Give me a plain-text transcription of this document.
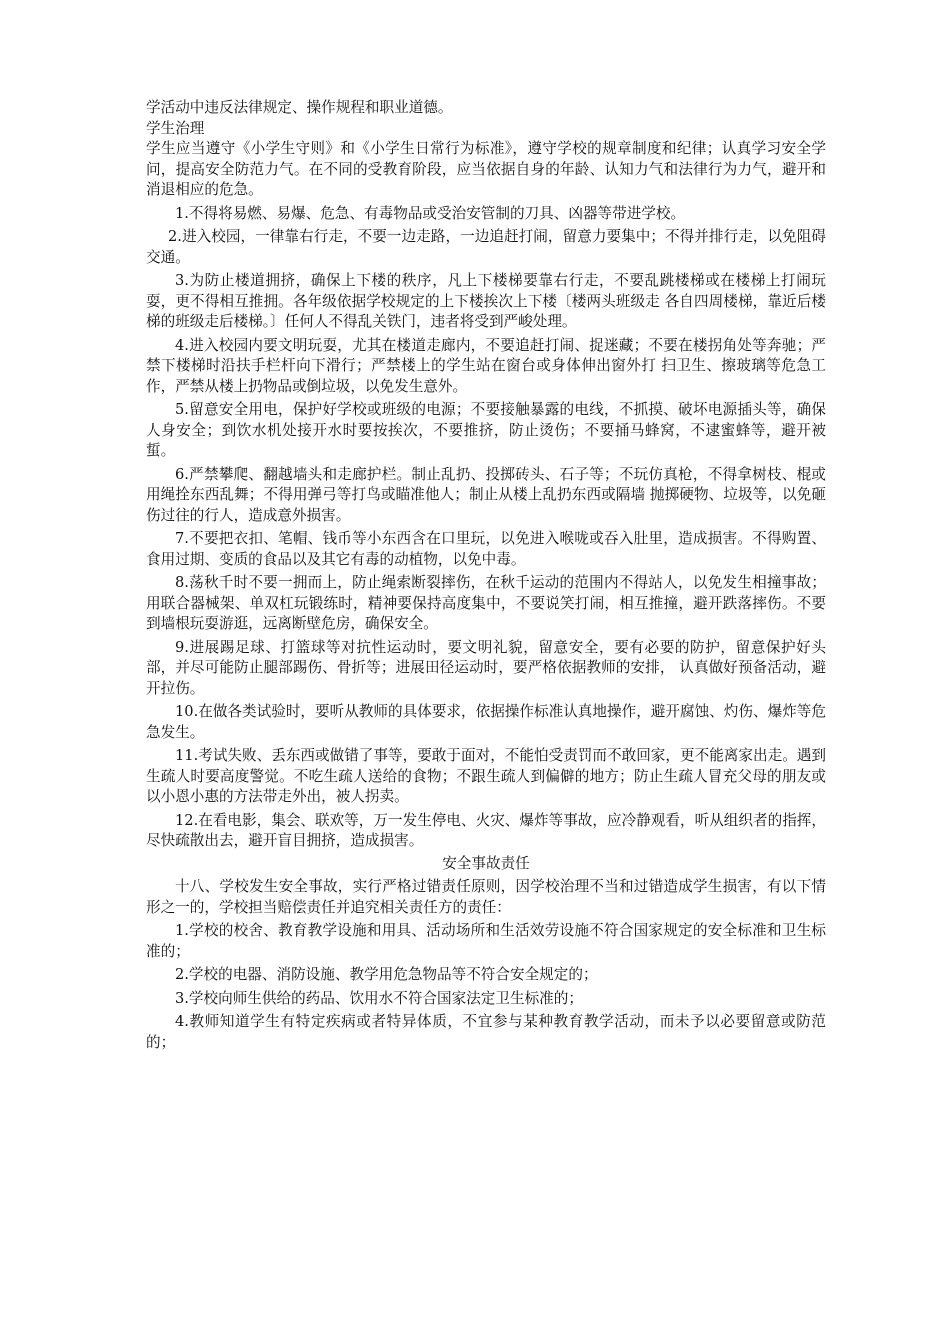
学活动中违反法律规定、操作规程和职业道德。

学生治理

学生应当遵守《小学生守则》和《小学生日常行为标准》，遵守学校的规章制度和纪律；认真学习安全学问，提高安全防范力气。在不同的受教育阶段，应当依据自身的年龄、认知力气和法律行为力气，避开和消退相应的危急。

1.不得将易燃、易爆、危急、有毒物品或受治安管制的刀具、凶器等带进学校。

2.进入校园，一律靠右行走，不要一边走路，一边追赶打闹，留意力要集中；不得并排行走，以免阻碍交通。

3.为防止楼道拥挤，确保上下楼的秩序，凡上下楼梯要靠右行走，不要乱跳楼梯或在楼梯上打闹玩耍，更不得相互推拥。各年级依据学校规定的上下楼挨次上下楼〔楼两头班级走 各自四周楼梯，靠近后楼梯的班级走后楼梯。〕任何人不得乱关铁门，违者将受到严峻处理。

4.进入校园内要文明玩耍，尤其在楼道走廊内，不要追赶打闹、捉迷藏；不要在楼拐角处等奔驰；严禁下楼梯时沿扶手栏杆向下滑行；严禁楼上的学生站在窗台或身体伸出窗外打 扫卫生、擦玻璃等危急工作，严禁从楼上扔物品或倒垃圾，以免发生意外。

5.留意安全用电，保护好学校或班级的电源；不要接触暴露的电线，不抓摸、破坏电源插头等，确保人身安全；到饮水机处接开水时要按挨次，不要推挤，防止烫伤；不要捅马蜂窝，不逮蜜蜂等，避开被蜇。

6.严禁攀爬、翻越墙头和走廊护栏。制止乱扔、投掷砖头、石子等；不玩仿真枪，不得拿树枝、棍或用绳拴东西乱舞；不得用弹弓等打鸟或瞄准他人；制止从楼上乱扔东西或隔墙 抛掷硬物、垃圾等，以免砸伤过往的行人，造成意外损害。

7.不要把衣扣、笔帽、钱币等小东西含在口里玩，以免进入喉咙或吞入肚里，造成损害。不得购置、食用过期、变质的食品以及其它有毒的动植物，以免中毒。

8.荡秋千时不要一拥而上，防止绳索断裂摔伤，在秋千运动的范围内不得站人，以免发生相撞事故；用联合器械架、单双杠玩锻练时，精神要保持高度集中，不要说笑打闹，相互推撞，避开跌落摔伤。不要到墙根玩耍游逛，远离断壁危房，确保安全。

9.进展踢足球、打篮球等对抗性运动时，要文明礼貌，留意安全，要有必要的防护，留意保护好头部，并尽可能防止腿部踢伤、骨折等；进展田径运动时，要严格依据教师的安排， 认真做好预备活动，避开拉伤。

10.在做各类试验时，要听从教师的具体要求，依据操作标准认真地操作，避开腐蚀、灼伤、爆炸等危急发生。

11.考试失败、丢东西或做错了事等，要敢于面对，不能怕受责罚而不敢回家，更不能离家出走。遇到生疏人时要高度警觉。不吃生疏人送给的食物；不跟生疏人到偏僻的地方；防止生疏人冒充父母的朋友或以小恩小惠的方法带走外出，被人拐卖。

12.在看电影，集会、联欢等，万一发生停电、火灾、爆炸等事故，应冷静观看，听从组织者的指挥，尽快疏散出去，避开盲目拥挤，造成损害。

安全事故责任

十八、学校发生安全事故，实行严格过错责任原则，因学校治理不当和过错造成学生损害，有以下情形之一的，学校担当赔偿责任并追究相关责任方的责任：

1.学校的校舍、教育教学设施和用具、活动场所和生活效劳设施不符合国家规定的安全标准和卫生标准的；

2.学校的电器、消防设施、教学用危急物品等不符合安全规定的；

3.学校向师生供给的药品、饮用水不符合国家法定卫生标准的；

4.教师知道学生有特定疾病或者特异体质，不宜参与某种教育教学活动，而未予以必要留意或防范的；
